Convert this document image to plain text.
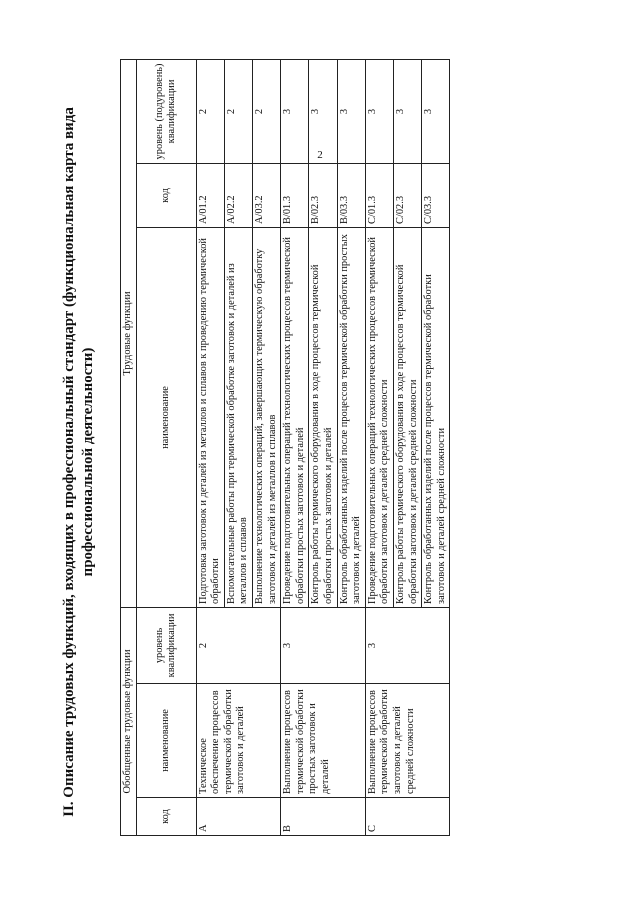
2
II. Описание трудовых функций, входящих в профессиональный стандарт (функциональная карта вида профессиональной деятельности)
Обобщенные трудовые функции			Трудовые функции		
код	наименование	уровень квалификации	наименование	код	уровень (подуровень) квалификации
A	Техническое обеспечение процессов термической обработки заготовок и деталей	2	Подготовка заготовок и деталей из металлов и сплавов к проведению термической обработки	A/01.2	2
			Вспомогательные работы при термической обработке заготовок и деталей из металлов и сплавов	A/02.2	2
			Выполнение технологических операций, завершающих термическую обработку заготовок и деталей из металлов и сплавов	A/03.2	2
B	Выполнение процессов термической обработки простых заготовок и деталей	3	Проведение подготовительных операций технологических процессов термической обработки простых заготовок и деталей	B/01.3	3
			Контроль работы термического оборудования в ходе процессов термической обработки простых заготовок и деталей	B/02.3	3
			Контроль обработанных изделий после процессов термической обработки простых заготовок и деталей	B/03.3	3
C	Выполнение процессов термической обработки заготовок и деталей средней сложности	3	Проведение подготовительных операций технологических процессов термической обработки заготовок и деталей средней сложности	C/01.3	3
			Контроль работы термического оборудования в ходе процессов термической обработки заготовок и деталей средней сложности	C/02.3	3
			Контроль обработанных изделий после процессов термической обработки заготовок и деталей средней сложности	C/03.3	3
